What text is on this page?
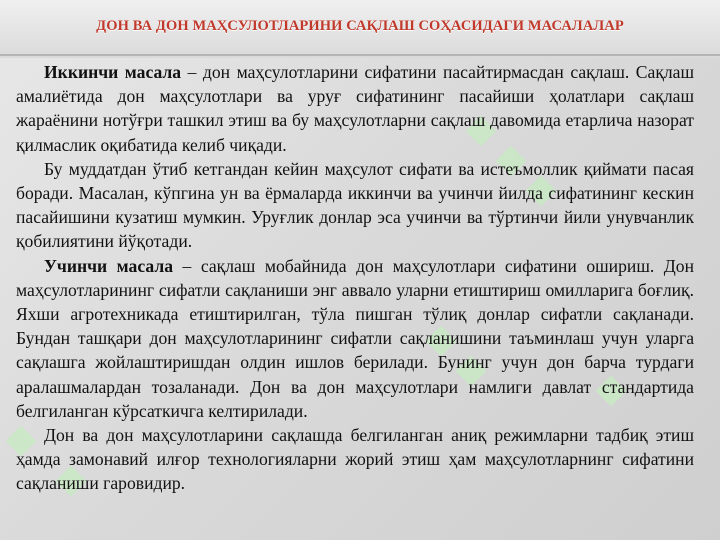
ДОН ВА ДОН МАҲСУЛОТЛАРИНИ САҚЛАШ СОҲАСИДАГИ МАСАЛАЛАР

Иккинчи масала – дон маҳсулотларини сифатини пасайтирмасдан сақлаш. Сақлаш амалиётида дон маҳсулотлари ва уруғ сифатининг пасайиши ҳолатлари сақлаш жараёнини нотўғри ташкил этиш ва бу маҳсулотларни сақлаш давомида етарлича назорат қилмаслик оқибатида келиб чиқади.

Бу муддатдан ўтиб кетгандан кейин маҳсулот сифати ва истеъмоллик қиймати пасая боради. Масалан, кўпгина ун ва ёрмаларда иккинчи ва учинчи йилда сифатининг кескин пасайишини кузатиш мумкин. Уруғлик донлар эса учинчи ва тўртинчи йили унувчанлик қобилиятини йўқотади.

Учинчи масала – сақлаш мобайнида дон маҳсулотлари сифатини ошириш. Дон маҳсулотларининг сифатли сақланиши энг аввало уларни етиштириш омилларига боғлиқ. Яхши агротехникада етиштирилган, тўла пишган тўлиқ донлар сифатли сақланади. Бундан ташқари дон маҳсулотларининг сифатли сақланишини таъминлаш учун уларга сақлашга жойлаштиришдан олдин ишлов берилади. Бунинг учун дон барча турдаги аралашмалардан тозаланади. Дон ва дон маҳсулотлари намлиги давлат стандартида белгиланган кўрсаткичга келтирилади.

Дон ва дон маҳсулотларини сақлашда белгиланган аниқ режимларни тадбиқ этиш ҳамда замонавий илғор технологияларни жорий этиш ҳам маҳсулотларнинг сифатини сақланиши гаровидир.
